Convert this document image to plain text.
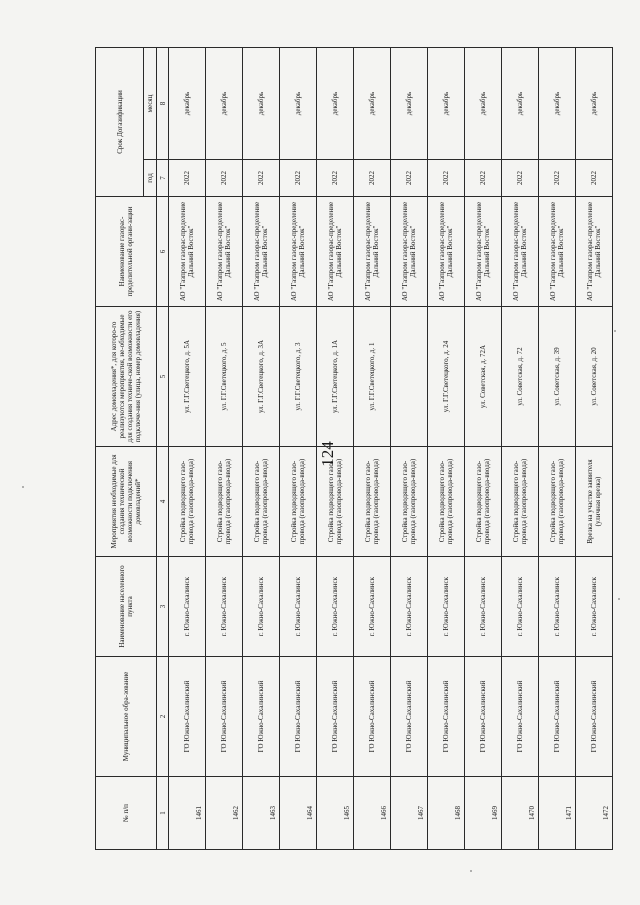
124
№ п/п	Муниципальное обра-зование	Наименование населенного пункта	Мероприятия необходимые для создания технической возможности подключения домовладений*	Адрес домовладения*, для которо-го реализуются мероприятия, не-обходимые для создания техниче-ской возможности его подключе-ния (улица, номер домовладения)	Наименование газорас-пределительной органи-зации	Срок Догазификации	
						год	месяц
1	2	3	4	5	6	7	8
1461	ГО Южно-Сахалинский	г. Южно-Сахалинск	Стройка подводящего газо-провода (газопровода-ввода)	ул. Г.Г.Светецкого, д. 5А	АО "Газпром газорас-пределение Дальний Восток"	2022	декабрь
1462	ГО Южно-Сахалинский	г. Южно-Сахалинск	Стройка подводящего газо-провода (газопровода-ввода)	ул. Г.Г.Светецкого, д. 5	АО "Газпром газорас-пределение Дальний Восток"	2022	декабрь
1463	ГО Южно-Сахалинский	г. Южно-Сахалинск	Стройка подводящего газо-провода (газопровода-ввода)	ул. Г.Г.Светецкого, д. 3А	АО "Газпром газорас-пределение Дальний Восток"	2022	декабрь
1464	ГО Южно-Сахалинский	г. Южно-Сахалинск	Стройка подводящего газо-провода (газопровода-ввода)	ул. Г.Г.Светецкого, д. 3	АО "Газпром газорас-пределение Дальний Восток"	2022	декабрь
1465	ГО Южно-Сахалинский	г. Южно-Сахалинск	Стройка подводящего газо-провода (газопровода-ввода)	ул. Г.Г.Светецкого, д. 1А	АО "Газпром газорас-пределение Дальний Восток"	2022	декабрь
1466	ГО Южно-Сахалинский	г. Южно-Сахалинск	Стройка подводящего газо-провода (газопровода-ввода)	ул. Г.Г.Светецкого, д. 1	АО "Газпром газорас-пределение Дальний Восток"	2022	декабрь
1467	ГО Южно-Сахалинский	г. Южно-Сахалинск	Стройка подводящего газо-провода (газопровода-ввода)		АО "Газпром газорас-пределение Дальний Восток"	2022	декабрь
1468	ГО Южно-Сахалинский	г. Южно-Сахалинск	Стройка подводящего газо-провода (газопровода-ввода)	ул. Г.Г.Светецкого, д. 24	АО "Газпром газорас-пределение Дальний Восток"	2022	декабрь
1469	ГО Южно-Сахалинский	г. Южно-Сахалинск	Стройка подводящего газо-провода (газопровода-ввода)	ул. Советская, д. 72А	АО "Газпром газорас-пределение Дальний Восток"	2022	декабрь
1470	ГО Южно-Сахалинский	г. Южно-Сахалинск	Стройка подводящего газо-провода (газопровода-ввода)	ул. Советская, д. 72	АО "Газпром газорас-пределение Дальний Восток"	2022	декабрь
1471	ГО Южно-Сахалинский	г. Южно-Сахалинск	Стройка подводящего газо-провода (газопровода-ввода)	ул. Советская, д. 39	АО "Газпром газорас-пределение Дальний Восток"	2022	декабрь
1472	ГО Южно-Сахалинский	г. Южно-Сахалинск	Врезка на участке заявителя (уличная врезка)	ул. Советская, д. 20	АО "Газпром газорас-пределение Дальний Восток"	2022	декабрь
